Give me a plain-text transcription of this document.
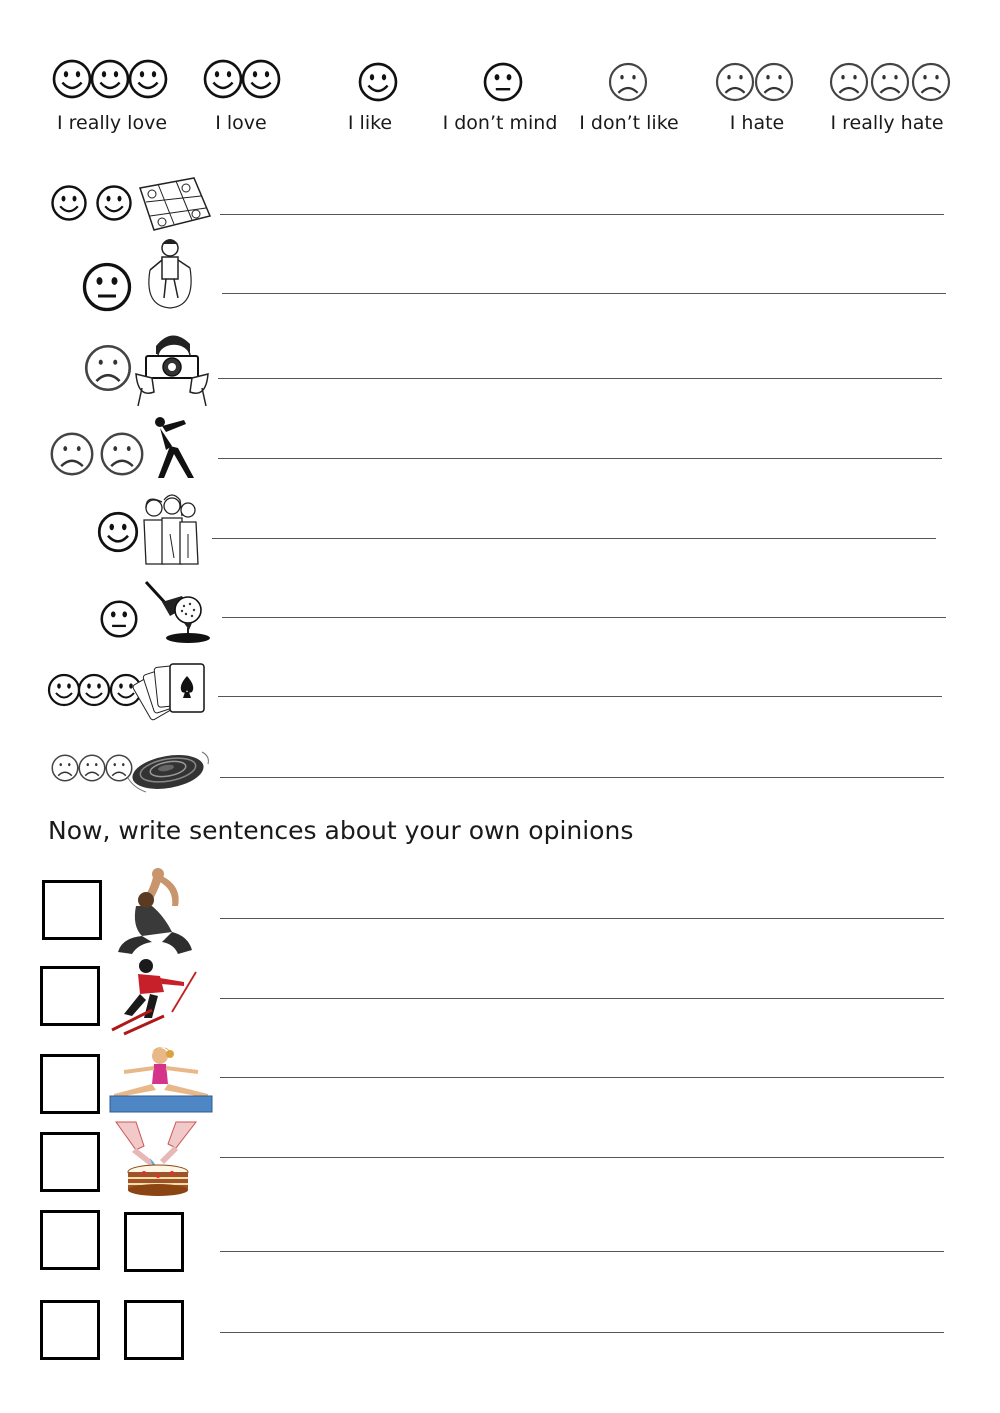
I really love	I love	I like	I don’t mind	I don’t like	I hate	I really hate
Now, write sentences about your own opinions
